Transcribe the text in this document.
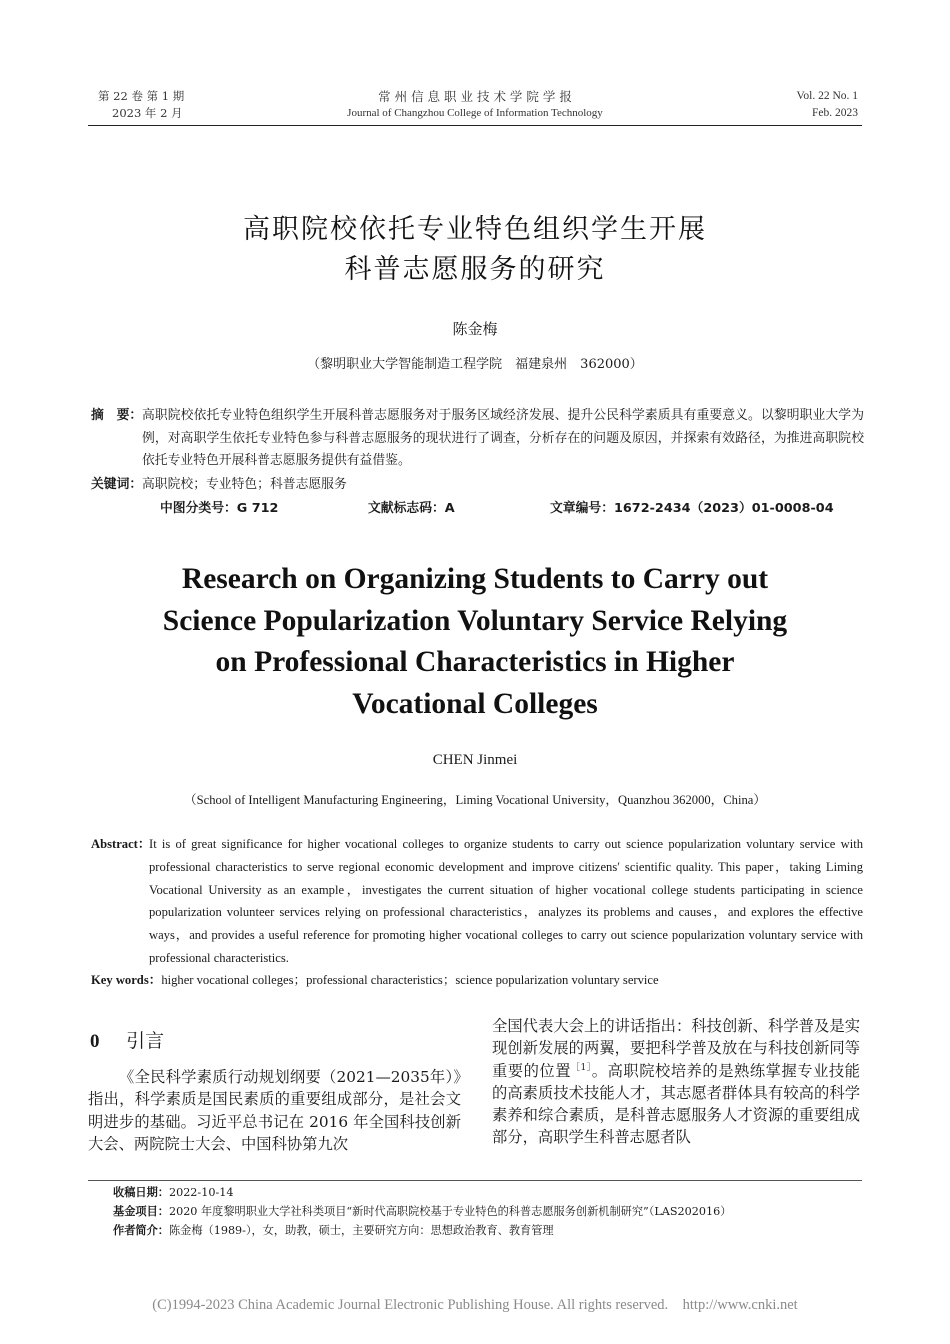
第 22 卷 第 1 期
2023 年 2 月
常 州 信 息 职 业 技 术 学 院 学 报
Journal of Changzhou College of Information Technology
Vol. 22 No. 1
Feb. 2023
高职院校依托专业特色组织学生开展
科普志愿服务的研究
陈金梅
（黎明职业大学智能制造工程学院　福建泉州　362000）
摘　要： 高职院校依托专业特色组织学生开展科普志愿服务对于服务区域经济发展、提升公民科学素质具有重要意义。以黎明职业大学为例，对高职学生依托专业特色参与科普志愿服务的现状进行了调查，分析存在的问题及原因，并探索有效路径，为推进高职院校依托专业特色开展科普志愿服务提供有益借鉴。
关键词： 高职院校；专业特色；科普志愿服务
中图分类号：G 712	文献标志码：A	文章编号：1672-2434（2023）01-0008-04
Research on Organizing Students to Carry out
Science Popularization Voluntary Service Relying
on Professional Characteristics in Higher
Vocational Colleges
CHEN Jinmei
（School of Intelligent Manufacturing Engineering，Liming Vocational University，Quanzhou 362000，China）
Abstract：
It is of great significance for higher vocational colleges to organize students to carry out science popularization voluntary service with professional characteristics to serve regional economic development and improve citizens′ scientific quality. This paper，taking Liming Vocational University as an example，investigates the current situation of higher vocational college students participating in science popularization volunteer services relying on professional characteristics，analyzes its problems and causes，and explores the effective ways，and provides a useful reference for promoting higher vocational colleges to carry out science popularization voluntary service with professional characteristics.
Key words： higher vocational colleges；professional characteristics；science popularization voluntary service
0 引言
《全民科学素质行动规划纲要（2021—2035年）》指出，科学素质是国民素质的重要组成部分，是社会文明进步的基础。习近平总书记在 2016 年全国科技创新大会、两院院士大会、中国科协第九次
全国代表大会上的讲话指出：科技创新、科学普及是实现创新发展的两翼，要把科学普及放在与科技创新同等重要的位置$^{[1]}$。高职院校培养的是熟练掌握专业技能的高素质技术技能人才，其志愿者群体具有较高的科学素养和综合素质，是科普志愿服务人才资源的重要组成部分，高职学生科普志愿者队
收稿日期：2022-10-14
基金项目：2020 年度黎明职业大学社科类项目“新时代高职院校基于专业特色的科普志愿服务创新机制研究”（LAS202016）
作者简介：陈金梅（1989-），女，助教，硕士，主要研究方向：思想政治教育、教育管理
(C)1994-2023 China Academic Journal Electronic Publishing House. All rights reserved.    http://www.cnki.net
